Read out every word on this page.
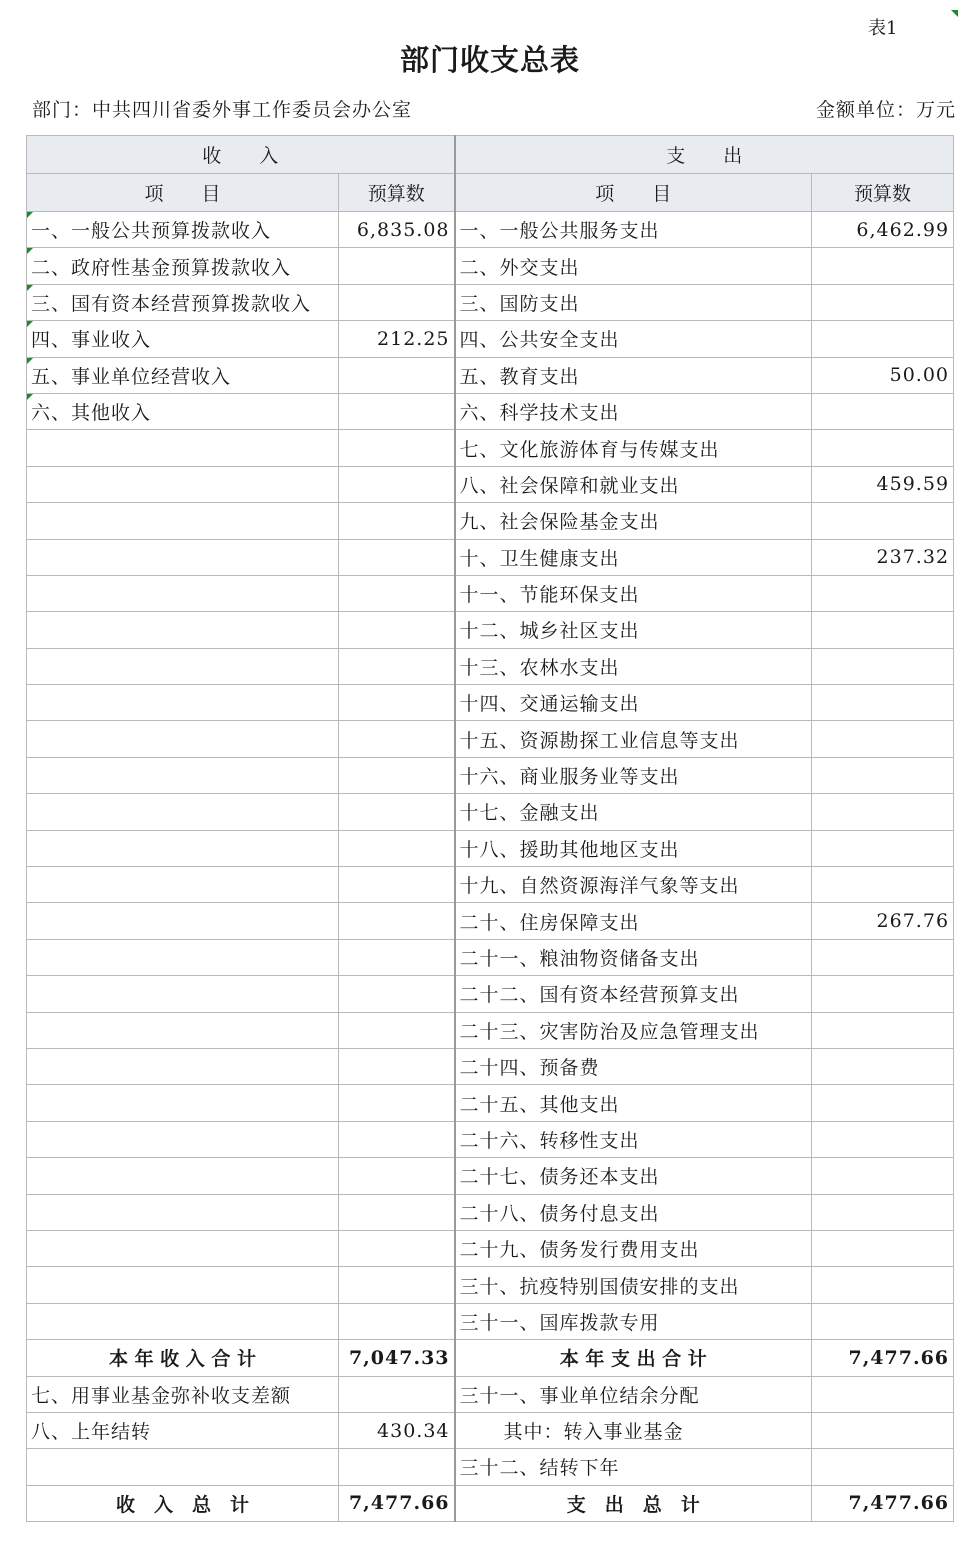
表1
部门收支总表
部门：中共四川省委外事工作委员会办公室	金额单位：万元
收　　入		支　　出	
项　　目	预算数	项　　目	预算数

一、一般公共预算拨款收入	6,835.08	一、一般公共服务支出	6,462.99

二、政府性基金预算拨款收入		二、外交支出	

三、国有资本经营预算拨款收入		三、国防支出	

四、事业收入	212.25	四、公共安全支出	

五、事业单位经营收入		五、教育支出	50.00

六、其他收入		六、科学技术支出	
		七、文化旅游体育与传媒支出	
		八、社会保障和就业支出	459.59
		九、社会保险基金支出	
		十、卫生健康支出	237.32
		十一、节能环保支出	
		十二、城乡社区支出	
		十三、农林水支出	
		十四、交通运输支出	
		十五、资源勘探工业信息等支出	
		十六、商业服务业等支出	
		十七、金融支出	
		十八、援助其他地区支出	
		十九、自然资源海洋气象等支出	
		二十、住房保障支出	267.76
		二十一、粮油物资储备支出	
		二十二、国有资本经营预算支出	
		二十三、灾害防治及应急管理支出	
		二十四、预备费	
		二十五、其他支出	
		二十六、转移性支出	
		二十七、债务还本支出	
		二十八、债务付息支出	
		二十九、债务发行费用支出	
		三十、抗疫特别国债安排的支出	
		三十一、国库拨款专用	
本 年 收 入 合 计	7,047.33	本 年 支 出 合 计	7,477.66
七、用事业基金弥补收支差额		三十一、事业单位结余分配	
八、上年结转	430.34	其中：转入事业基金	
		三十二、结转下年	
收　入　总　计	7,477.66	支　出　总　计	7,477.66
